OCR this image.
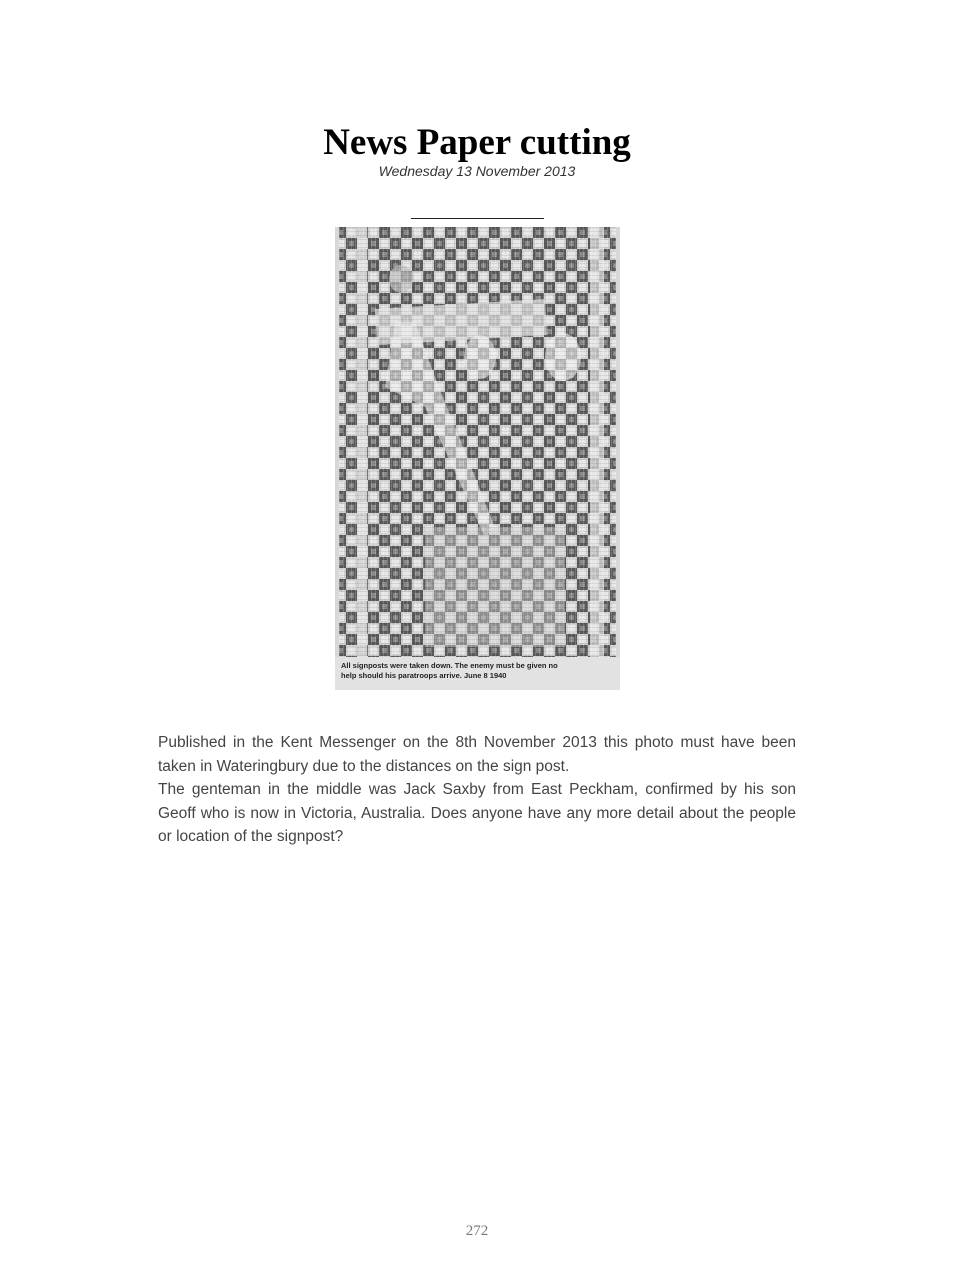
News Paper cutting
Wednesday 13 November 2013
All signposts were taken down. The enemy must be given no
help should his paratroops arrive. June 8 1940

Published in the Kent Messenger on the 8th November 2013 this photo must have been taken in Wateringbury due to the distances on the sign post.

The genteman in the middle was Jack Saxby from East Peckham, confirmed by his son Geoff who is now in Victoria, Australia. Does anyone have any more detail about the people or location of the signpost?

272
